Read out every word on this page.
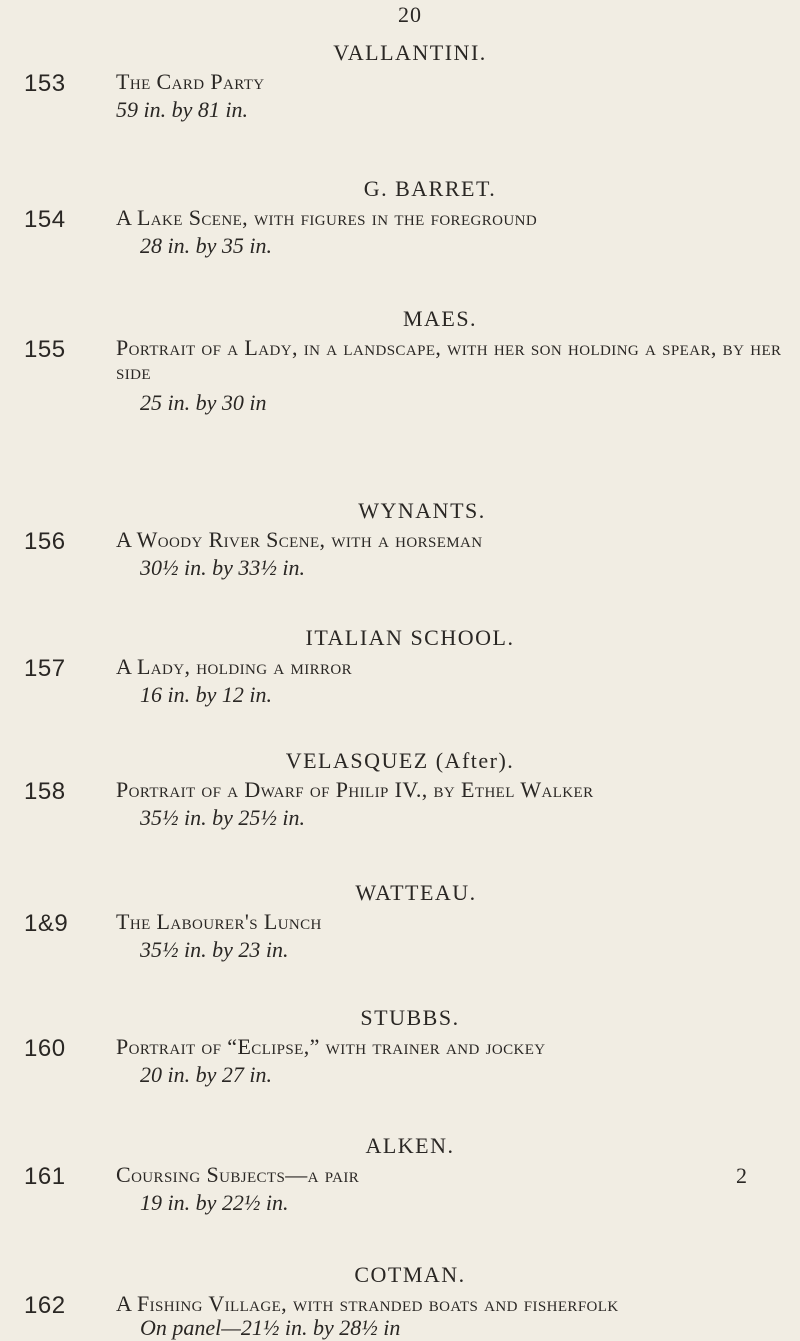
20
VALLANTINI.
153 The Card Party
59 in. by 81 in.
G. BARRET.
154 A Lake Scene, with figures in the foreground
28 in. by 35 in.
MAES.
155 Portrait of a Lady, in a landscape, with her son holding a spear, by her side
25 in. by 30 in
WYNANTS.
156 A Woody River Scene, with a horseman
30½ in. by 33½ in.
ITALIAN SCHOOL.
157 A Lady, holding a mirror
16 in. by 12 in.
VELASQUEZ (After).
158 Portrait of a Dwarf of Philip IV., by Ethel Walker
35½ in. by 25½ in.
WATTEAU.
1&9 The Labourer's Lunch
35½ in. by 23 in.
STUBBS.
160 Portrait of “Eclipse,” with trainer and jockey
20 in. by 27 in.
ALKEN.
161 Coursing Subjects—a pair	2
19 in. by 22½ in.
COTMAN.
162 A Fishing Village, with stranded boats and fisherfolk
On panel—21½ in. by 28½ in
